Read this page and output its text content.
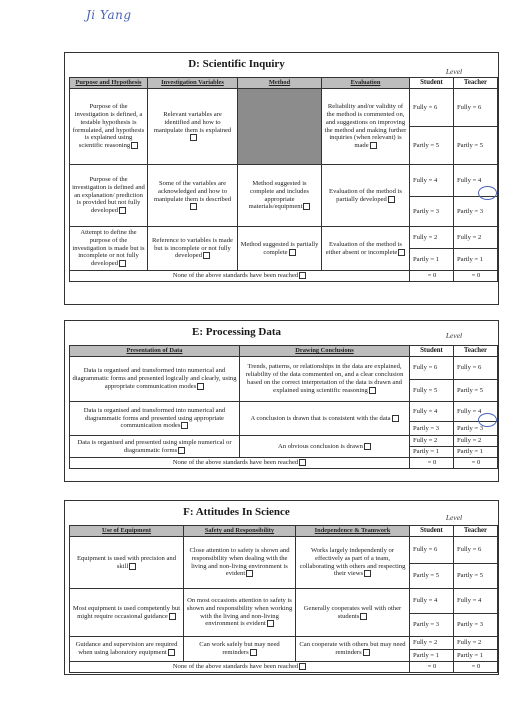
Ji Yang
D: Scientific Inquiry
Level
Purpose and Hypothesis	Investigation Variables	Method	Evaluation	Student	Teacher
Purpose of the investigation is defined, a testable hypothesis is formulated, and hypothesis is explained using scientific reasoning	Relevant variables are identified and how to manipulate them is explained		Reliability and/or validity of the method is commented on, and suggestions on improving the method and making further inquiries (when relevant) is made	Fully = 6	Fully = 6
				Partly = 5	Partly = 5
Purpose of the investigation is defined and an explanation/ prediction is provided but not fully developed	Some of the variables are acknowledged and how to manipulate them is described	Method suggested is complete and includes appropriate materials/equipment	Evaluation of the method is partially developed	Fully = 4	Fully = 4
				Partly = 3	Partly = 3
Attempt to define the purpose of the investigation is made but is incomplete or not fully developed	Reference to variables is made but is incomplete or not fully developed	Method suggested is partially complete	Evaluation of the method is either absent or incomplete	Fully = 2	Fully = 2
				Partly = 1	Partly = 1
None of the above standards have been reached				= 0	= 0
E: Processing Data	Level
Presentation of Data	Drawing Conclusions	Student	Teacher
Data is organised and transformed into numerical and diagrammatic forms and presented logically and clearly, using appropriate communication modes	Trends, patterns, or relationships in the data are explained, reliability of the data commented on, and a clear conclusion based on the correct interpretation of the data is drawn and explained using scientific reasoning	Fully = 6	Fully = 6
		Fully = 5	Partly = 5
Data is organised and transformed into numerical and diagrammatic forms and presented using appropriate communication modes	A conclusion is drawn that is consistent with the data	Fully = 4	Fully = 4
		Partly = 3	Partly = 3
Data is organised and presented using simple numerical or diagrammatic forms	An obvious conclusion is drawn	Fully = 2	Fully = 2
		Partly = 1	Partly = 1
None of the above standards have been reached		= 0	= 0
F: Attitudes In Science	Level
Use of Equipment	Safety and Responsibility	Independence & Teamwork	Student	Teacher
Equipment is used with precision and skill	Close attention to safety is shown and responsibility when dealing with the living and non-living environment is evident	Works largely independently or effectively as part of a team, collaborating with others and respecting their views	Fully = 6	Fully = 6
			Partly = 5	Partly = 5
Most equipment is used competently but might require occasional guidance	On most occasions attention to safety is shown and responsibility when working with the living and non-living environment is evident	Generally cooperates well with other students	Fully = 4	Fully = 4
			Partly = 3	Partly = 3
Guidance and supervision are required when using laboratory equipment	Can work safely but may need reminders	Can cooperate with others but may need reminders	Fully = 2	Fully = 2
			Partly = 1	Partly = 1
None of the above standards have been reached			= 0	= 0
